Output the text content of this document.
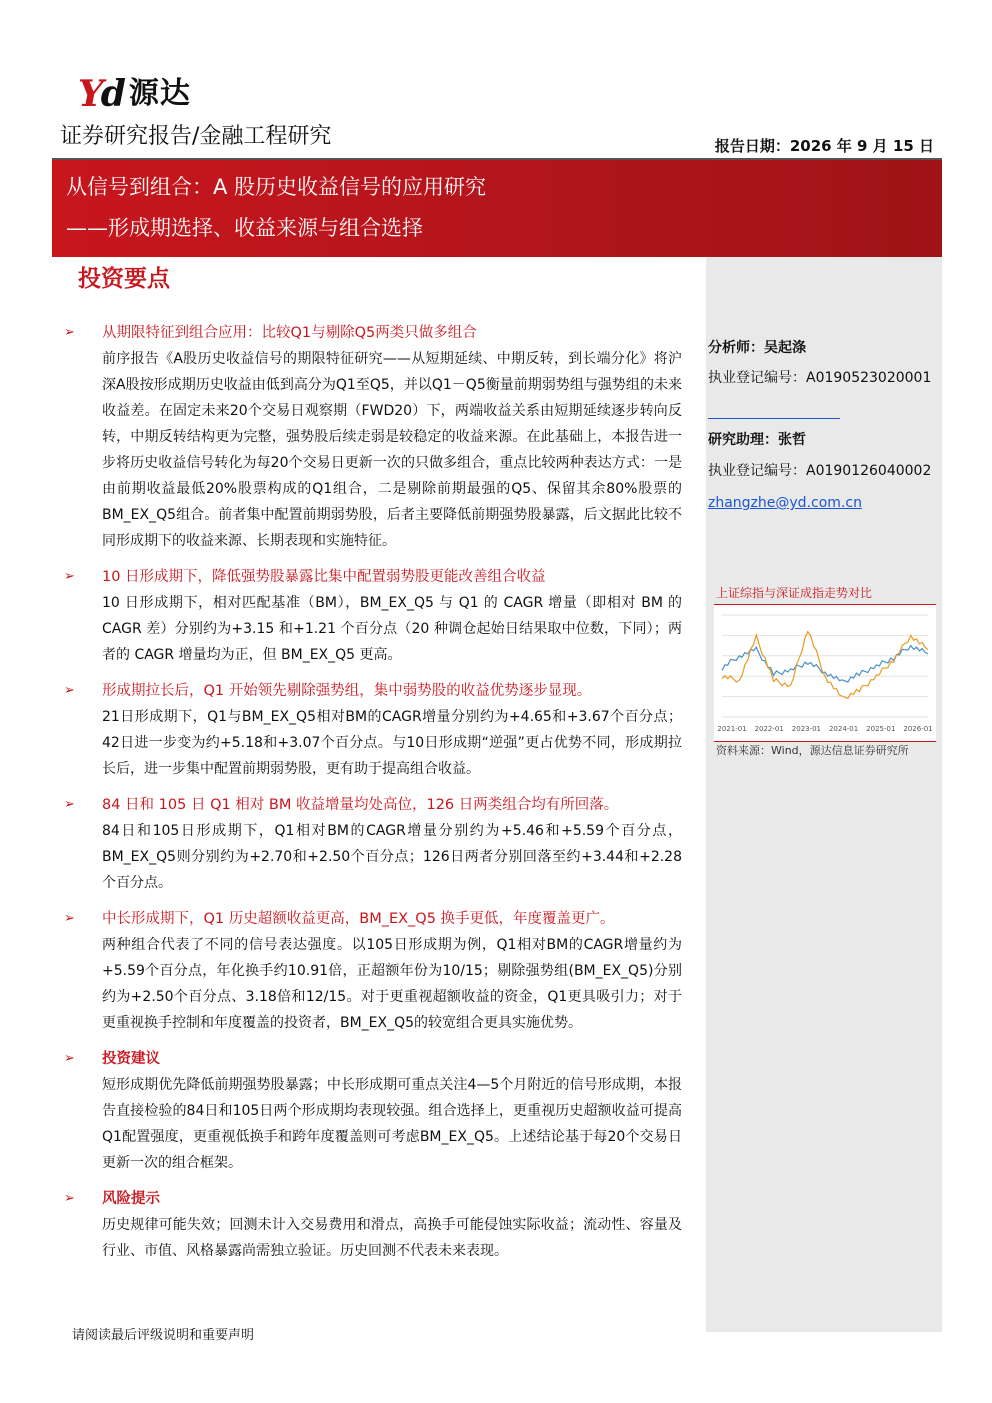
Yd 源达
证券研究报告/金融工程研究	报告日期：2026 年 9 月 15 日
从信号到组合：A 股历史收益信号的应用研究
——形成期选择、收益来源与组合选择
投资要点
➢ 从期限特征到组合应用：比较Q1与剔除Q5两类只做多组合

前序报告《A股历史收益信号的期限特征研究——从短期延续、中期反转，到长端分化》将沪深A股按形成期历史收益由低到高分为Q1至Q5，并以Q1－Q5衡量前期弱势组与强势组的未来收益差。在固定未来20个交易日观察期（FWD20）下，两端收益关系由短期延续逐步转向反转，中期反转结构更为完整，强势股后续走弱是较稳定的收益来源。在此基础上，本报告进一步将历史收益信号转化为每20个交易日更新一次的只做多组合，重点比较两种表达方式：一是由前期收益最低20%股票构成的Q1组合，二是剔除前期最强的Q5、保留其余80%股票的BM_EX_Q5组合。前者集中配置前期弱势股，后者主要降低前期强势股暴露，后文据此比较不同形成期下的收益来源、长期表现和实施特征。

➢ 10 日形成期下，降低强势股暴露比集中配置弱势股更能改善组合收益

10 日形成期下，相对匹配基准（BM），BM_EX_Q5 与 Q1 的 CAGR 增量（即相对 BM 的 CAGR 差）分别约为+3.15 和+1.21 个百分点（20 种调仓起始日结果取中位数，下同）；两者的 CAGR 增量均为正，但 BM_EX_Q5 更高。

➢ 形成期拉长后，Q1 开始领先剔除强势组，集中弱势股的收益优势逐步显现。

21日形成期下，Q1与BM_EX_Q5相对BM的CAGR增量分别约为+4.65和+3.67个百分点；42日进一步变为约+5.18和+3.07个百分点。与10日形成期“逆强”更占优势不同，形成期拉长后，进一步集中配置前期弱势股，更有助于提高组合收益。

➢ 84 日和 105 日 Q1 相对 BM 收益增量均处高位，126 日两类组合均有所回落。

84日和105日形成期下，Q1相对BM的CAGR增量分别约为+5.46和+5.59个百分点，BM_EX_Q5则分别约为+2.70和+2.50个百分点；126日两者分别回落至约+3.44和+2.28个百分点。

➢ 中长形成期下，Q1 历史超额收益更高，BM_EX_Q5 换手更低，年度覆盖更广。

两种组合代表了不同的信号表达强度。以105日形成期为例，Q1相对BM的CAGR增量约为+5.59个百分点，年化换手约10.91倍，正超额年份为10/15；剔除强势组(BM_EX_Q5)分别约为+2.50个百分点、3.18倍和12/15。对于更重视超额收益的资金，Q1更具吸引力；对于更重视换手控制和年度覆盖的投资者，BM_EX_Q5的较宽组合更具实施优势。

➢ 投资建议

短形成期优先降低前期强势股暴露；中长形成期可重点关注4—5个月附近的信号形成期，本报告直接检验的84日和105日两个形成期均表现较强。组合选择上，更重视历史超额收益可提高Q1配置强度，更重视低换手和跨年度覆盖则可考虑BM_EX_Q5。上述结论基于每20个交易日更新一次的组合框架。

➢ 风险提示

历史规律可能失效；回测未计入交易费用和滑点，高换手可能侵蚀实际收益；流动性、容量及行业、市值、风格暴露尚需独立验证。历史回测不代表未来表现。

分析师：吴起涤
执业登记编号：A0190523020001
研究助理：张哲
执业登记编号：A0190126040002
zhangzhe@yd.com.cn
上证综指与深证成指走势对比
2021-01 2022-01 2023-01 2024-01 2025-01 2026-01
资料来源：Wind，源达信息证券研究所
请阅读最后评级说明和重要声明
